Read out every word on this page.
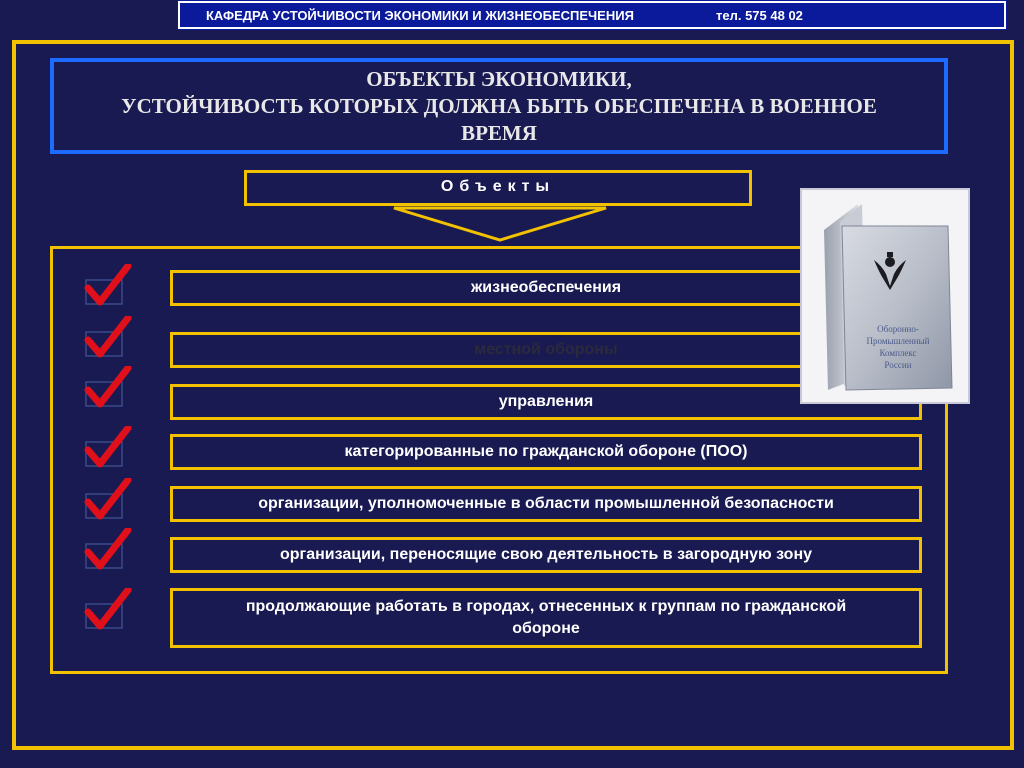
КАФЕДРА УСТОЙЧИВОСТИ ЭКОНОМИКИ И ЖИЗНЕОБЕСПЕЧЕНИЯ	тел. 575 48 02
ОБЪЕКТЫ ЭКОНОМИКИ,
УСТОЙЧИВОСТЬ КОТОРЫХ ДОЛЖНА БЫТЬ ОБЕСПЕЧЕНА В ВОЕННОЕ ВРЕМЯ
Объекты
жизнеобеспечения
местной обороны
управления
категорированные по гражданской обороне (ПОО)
организации, уполномоченные в области промышленной безопасности
организации, переносящие свою деятельность в загородную зону
продолжающие работать в городах, отнесенных к группам по гражданской обороне
Оборонно-
Промышленный
Комплекс
России
